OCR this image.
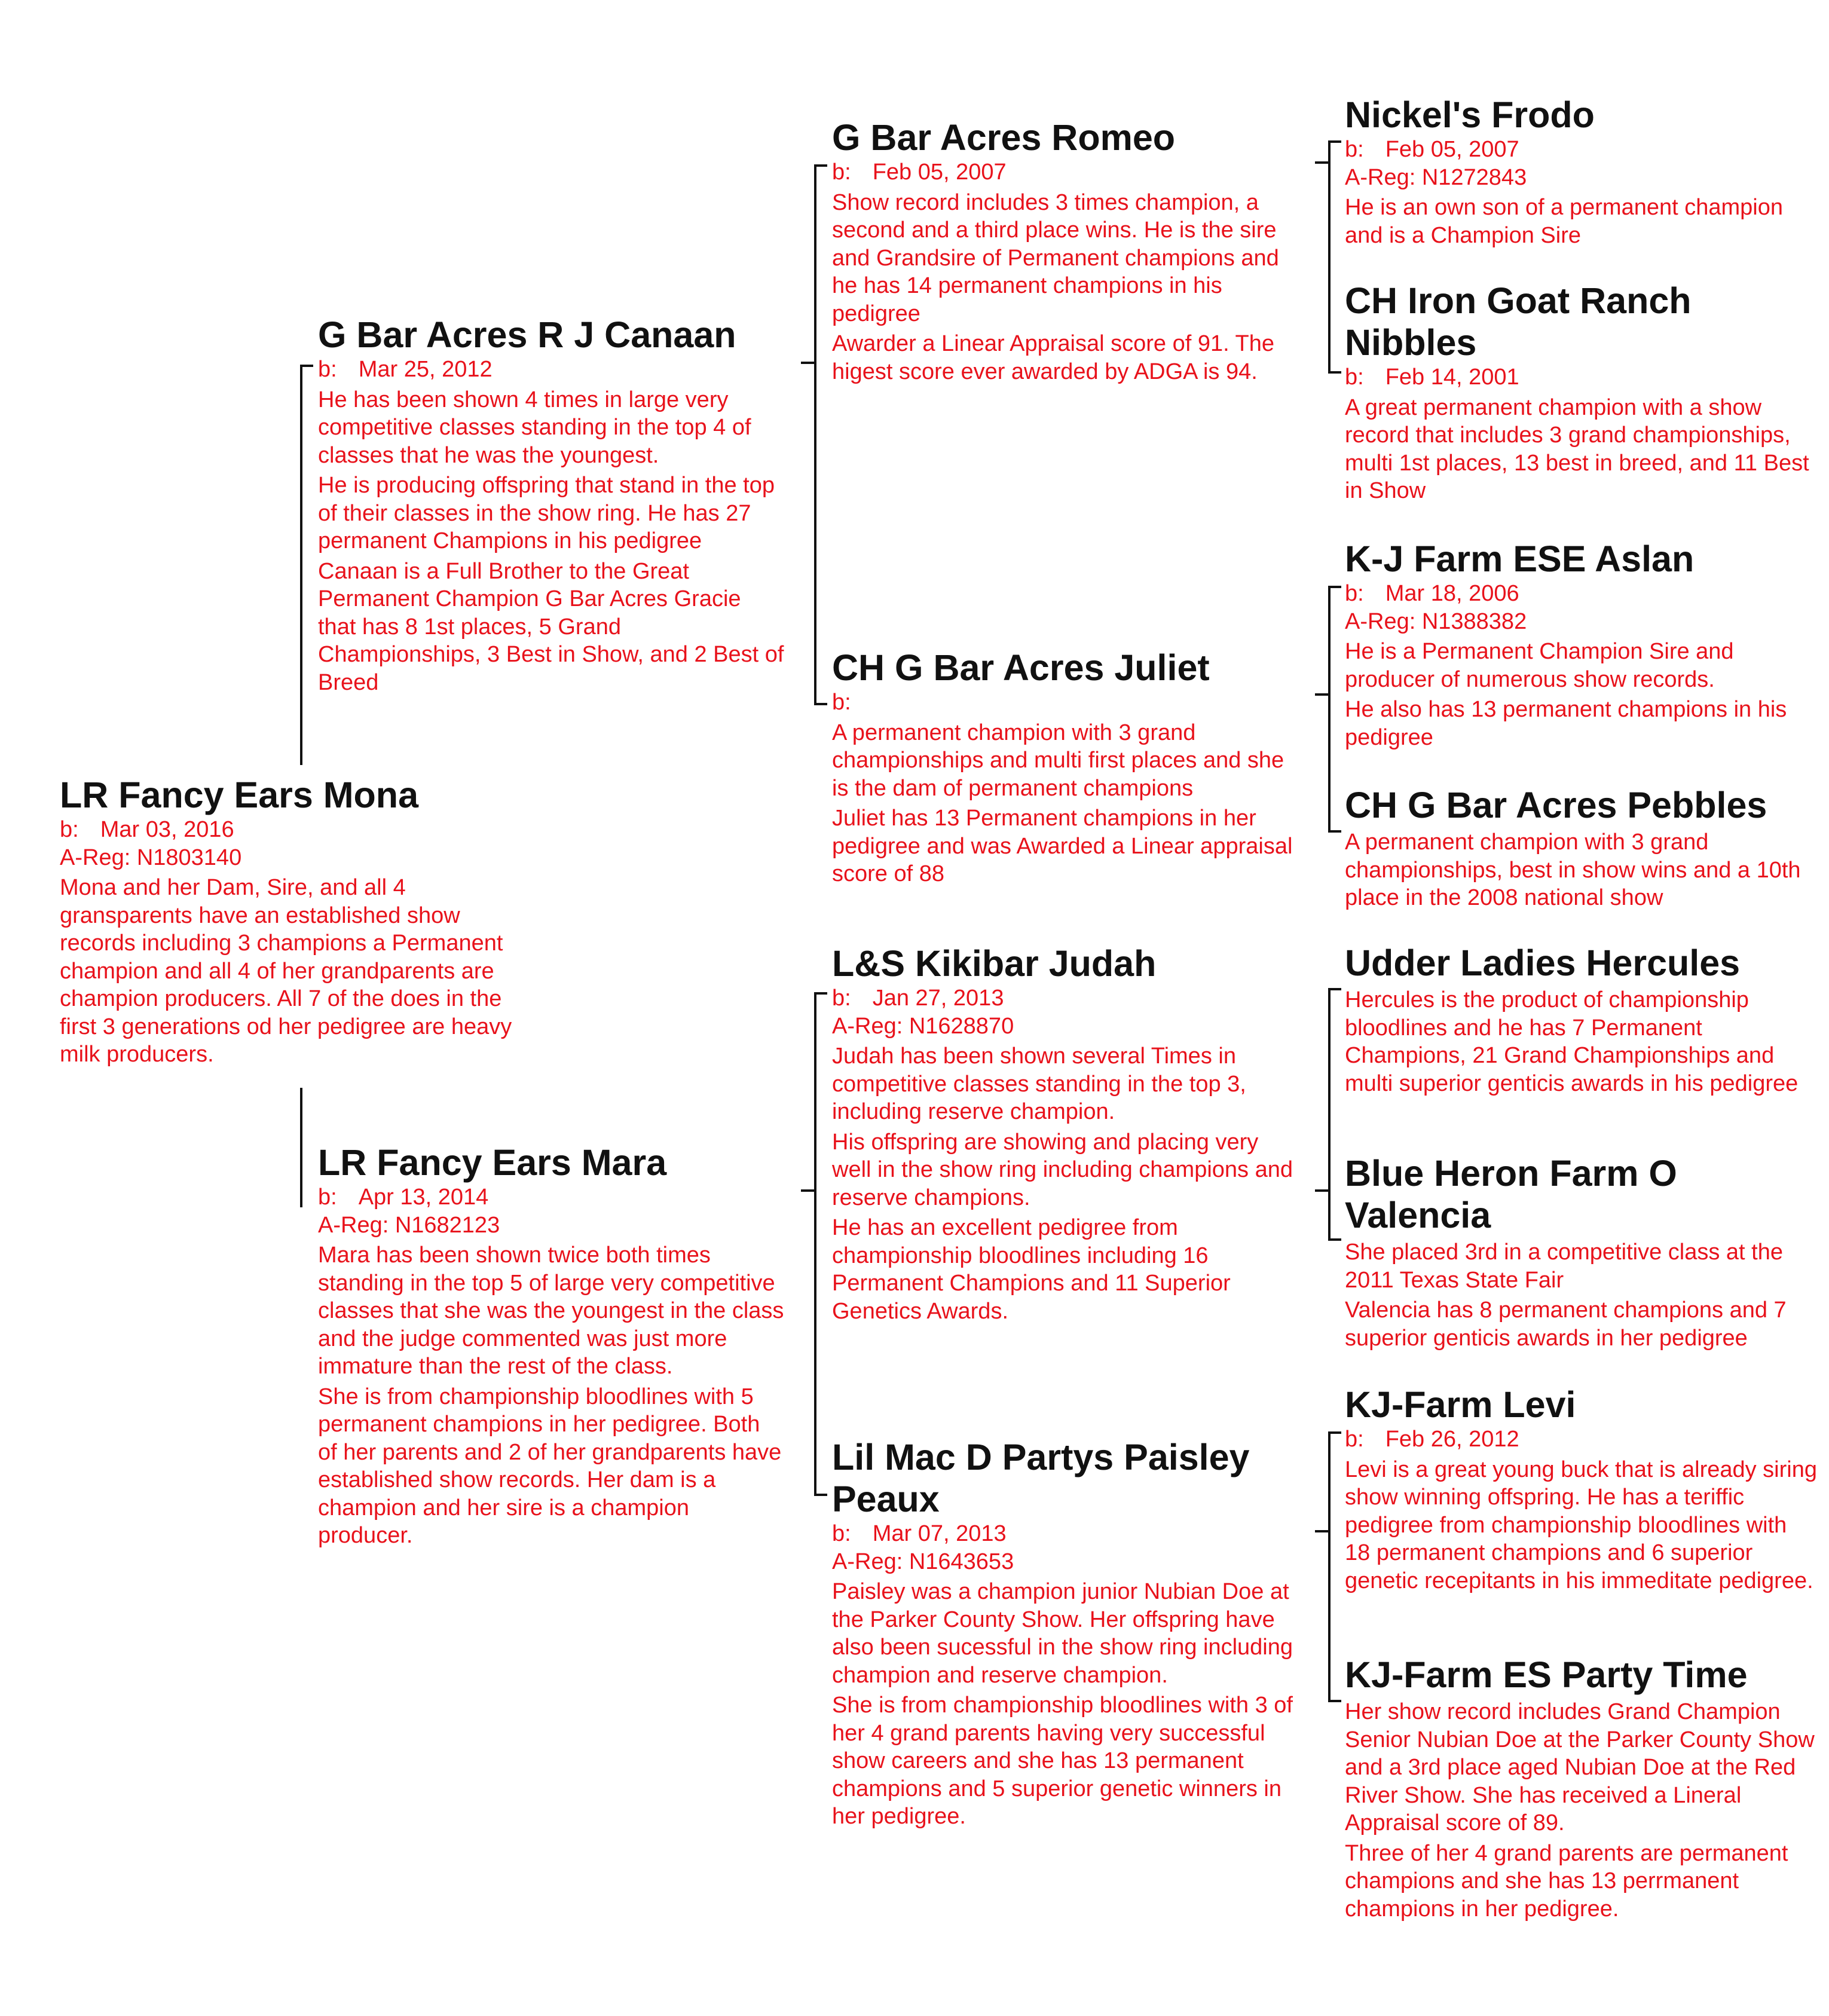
LR Fancy Ears Mona
b: Mar 03, 2016
A-Reg: N1803140
Mona and her Dam, Sire, and all 4 gransparents have an established show records including 3 champions a Permanent champion and all 4 of her grandparents are champion producers. All 7 of the does in the first 3 generations od her pedigree are heavy milk producers.
G Bar Acres R J Canaan
b: Mar 25, 2012
He has been shown 4 times in large very competitive classes standing in the top 4 of classes that he was the youngest.
He is producing offspring that stand in the top of their classes in the show ring. He has 27 permanent Champions in his pedigree
Canaan is a Full Brother to the Great Permanent Champion G Bar Acres Gracie that has 8 1st places, 5 Grand Championships, 3 Best in Show, and 2 Best of Breed
LR Fancy Ears Mara
b: Apr 13, 2014
A-Reg: N1682123
Mara has been shown twice both times standing in the top 5 of large very competitive classes that she was the youngest in the class and the judge commented was just more immature than the rest of the class.
She is from championship bloodlines with 5 permanent champions in her pedigree. Both of her parents and 2 of her grandparents have established show records. Her dam is a champion and her sire is a champion producer.
G Bar Acres Romeo
b: Feb 05, 2007
Show record includes 3 times champion, a second and a third place wins. He is the sire and Grandsire of Permanent champions and he has 14 permanent champions in his pedigree
Awarder a Linear Appraisal score of 91. The higest score ever awarded by ADGA is 94.
CH G Bar Acres Juliet
b:
A permanent champion with 3 grand championships and multi first places and she is the dam of permanent champions
Juliet has 13 Permanent champions in her pedigree and was Awarded a Linear appraisal score of 88
L&S Kikibar Judah
b: Jan 27, 2013
A-Reg: N1628870
Judah has been shown several Times in competitive classes standing in the top 3, including reserve champion.
His offspring are showing and placing very well in the show ring including champions and reserve champions.
He has an excellent pedigree from championship bloodlines including 16 Permanent Champions and 11 Superior Genetics Awards.
Lil Mac D Partys Paisley Peaux
b: Mar 07, 2013
A-Reg: N1643653
Paisley was a champion junior Nubian Doe at the Parker County Show. Her offspring have also been sucessful in the show ring including champion and reserve champion.
She is from championship bloodlines with 3 of her 4 grand parents having very successful show careers and she has 13 permanent champions and 5 superior genetic winners in her pedigree.
Nickel's Frodo
b: Feb 05, 2007
A-Reg: N1272843
He is an own son of a permanent champion and is a Champion Sire
CH Iron Goat Ranch Nibbles
b: Feb 14, 2001
A great permanent champion with a show record that includes 3 grand championships, multi 1st places, 13 best in breed, and 11 Best in Show
K-J Farm ESE Aslan
b: Mar 18, 2006
A-Reg: N1388382
He is a Permanent Champion Sire and producer of numerous show records.
He also has 13 permanent champions in his pedigree
CH G Bar Acres Pebbles
A permanent champion with 3 grand championships, best in show wins and a 10th place in the 2008 national show
Udder Ladies Hercules
Hercules is the product of championship bloodlines and he has 7 Permanent Champions, 21 Grand Championships and multi superior genticis awards in his pedigree
Blue Heron Farm O Valencia
She placed 3rd in a competitive class at the 2011 Texas State Fair
Valencia has 8 permanent champions and 7 superior genticis awards in her pedigree
KJ-Farm Levi
b: Feb 26, 2012
Levi is a great young buck that is already siring show winning offspring. He has a teriffic pedigree from championship bloodlines with 18 permanent champions and 6 superior genetic recepitants in his immeditate pedigree.
KJ-Farm ES Party Time
Her show record includes Grand Champion Senior Nubian Doe at the Parker County Show and a 3rd place aged Nubian Doe at the Red River Show. She has received a Lineral Appraisal score of 89.
Three of her 4 grand parents are permanent champions and she has 13 perrmanent champions in her pedigree.
